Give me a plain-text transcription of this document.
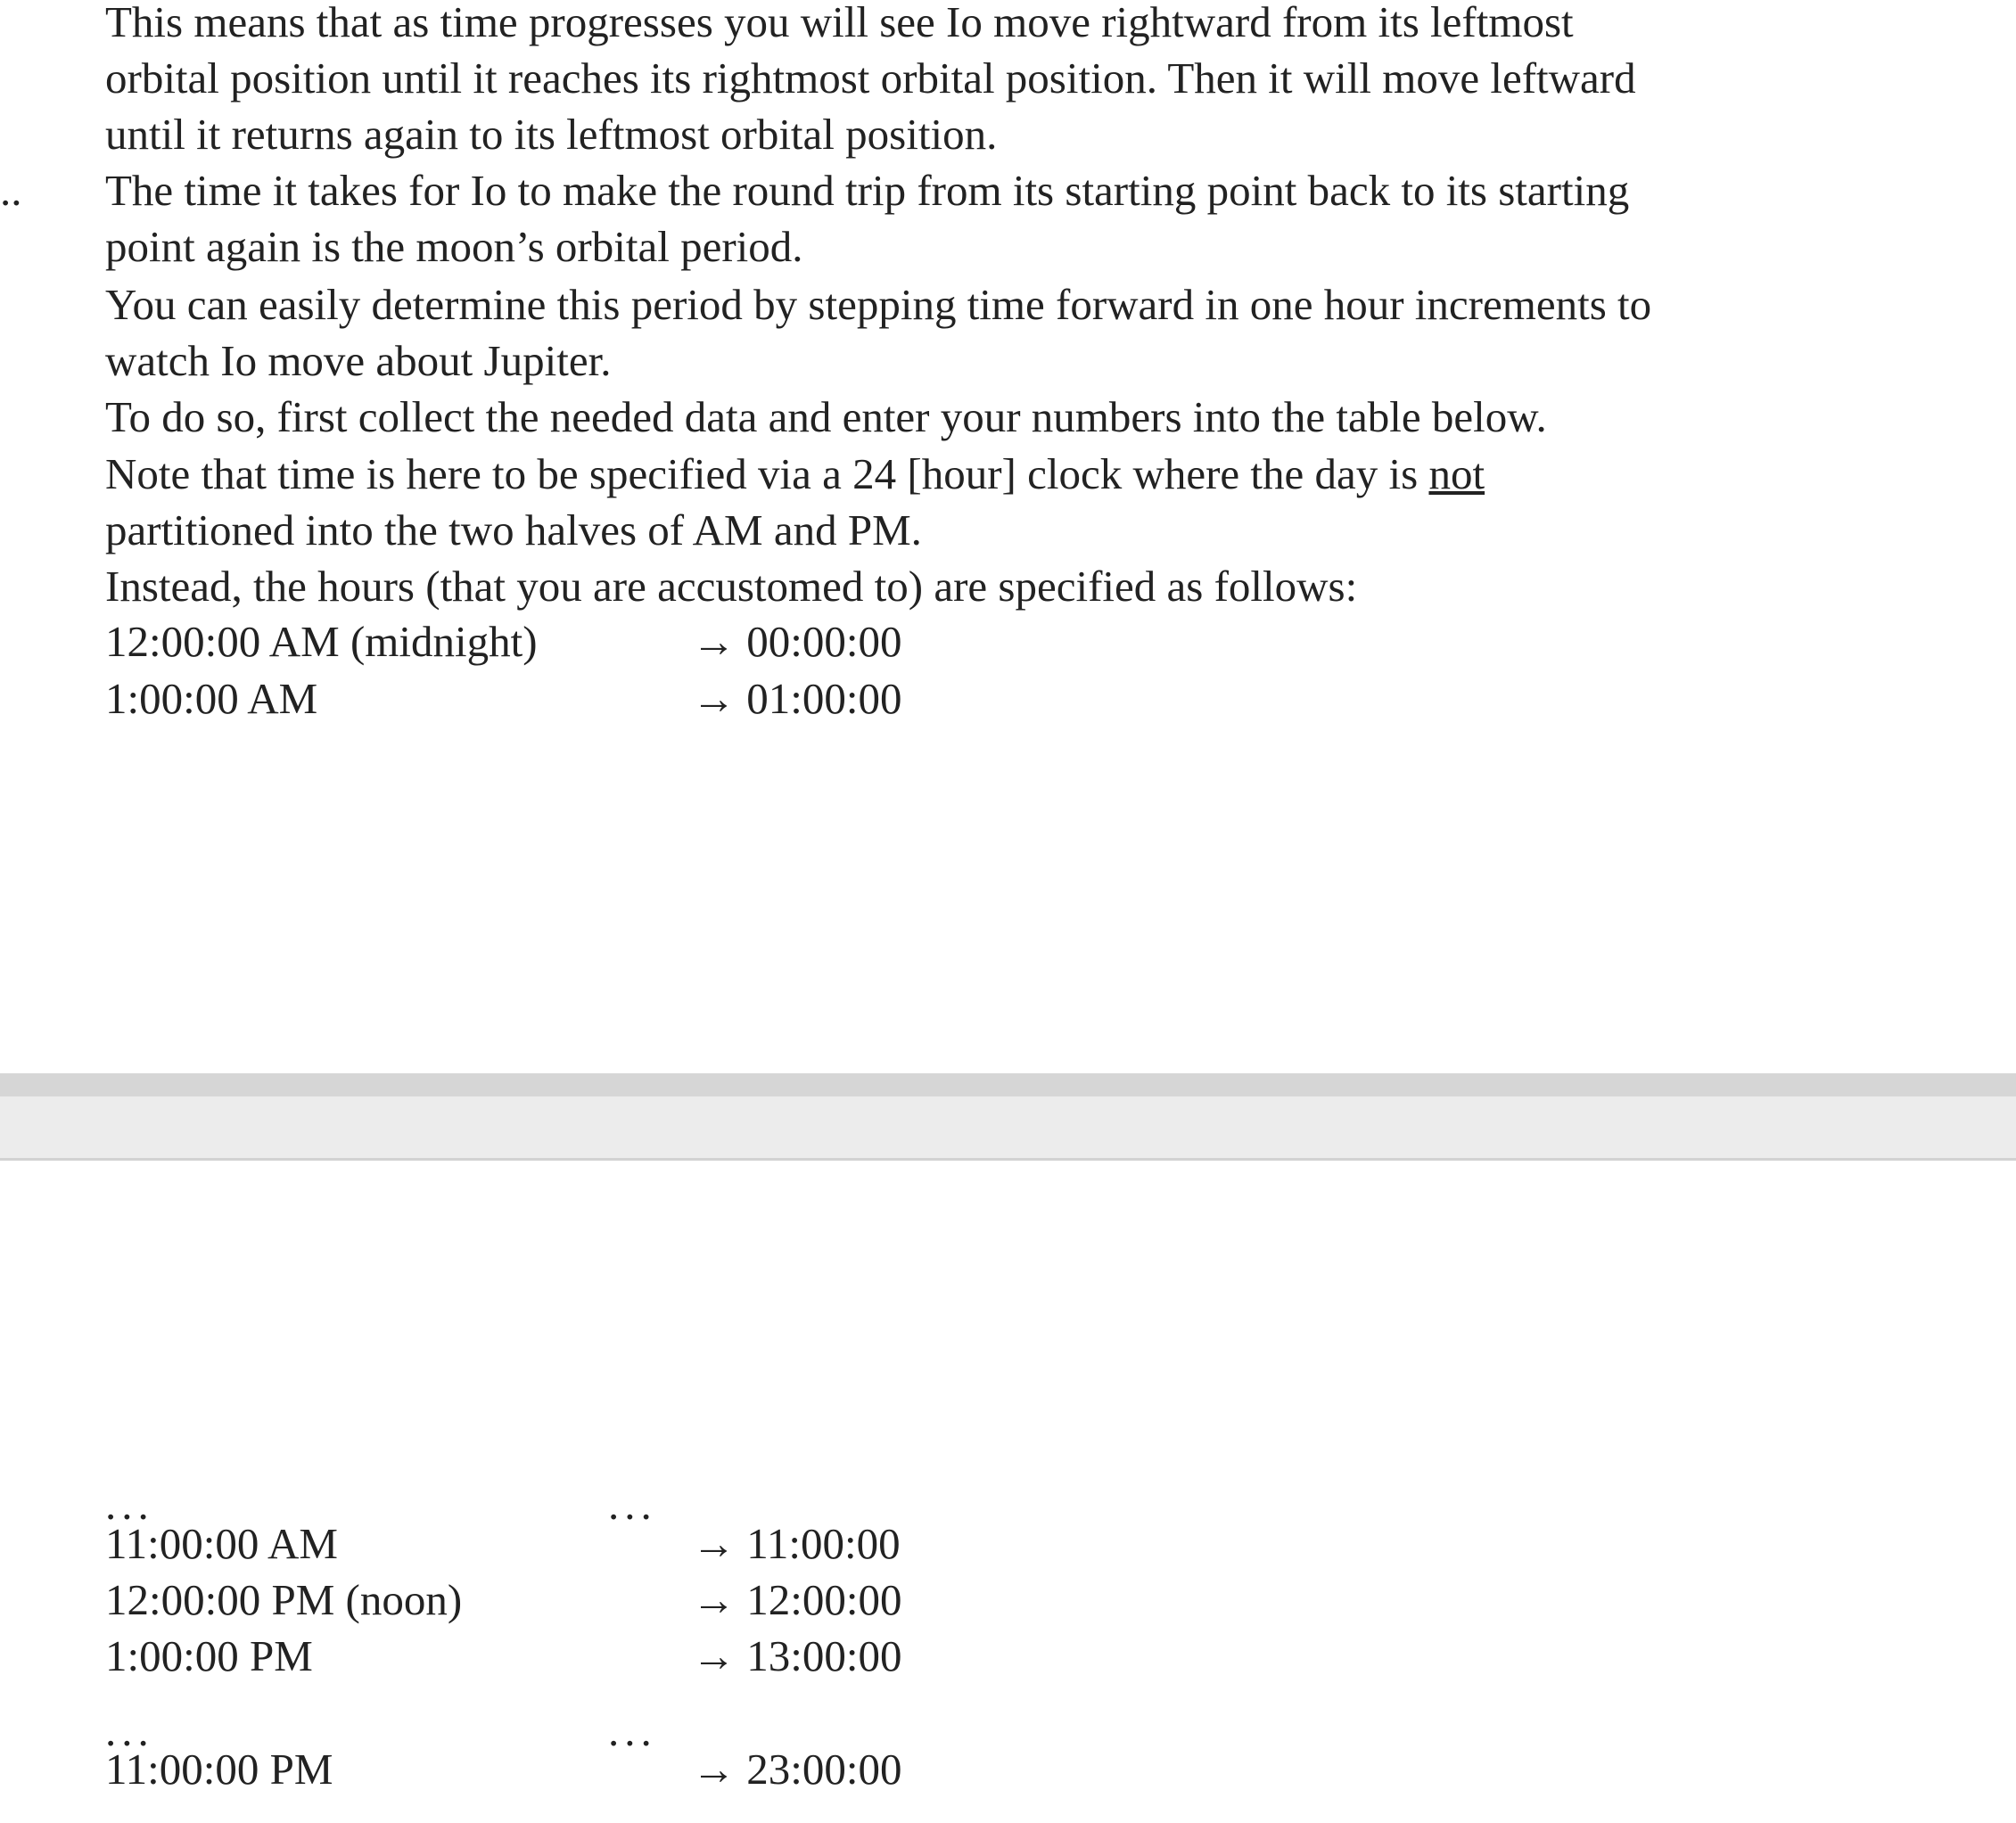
This means that as time progresses you will see Io move rightward from its leftmost
orbital position until it reaches its rightmost orbital position. Then it will move leftward
until it returns again to its leftmost orbital position.
.. The time it takes for Io to make the round trip from its starting point back to its starting
point again is the moon’s orbital period.
You can easily determine this period by stepping time forward in one hour increments to
watch Io move about Jupiter.
To do so, first collect the needed data and enter your numbers into the table below.
Note that time is here to be specified via a 24 [hour] clock where the day is not
partitioned into the two halves of AM and PM.
Instead, the hours (that you are accustomed to) are specified as follows:
12:00:00 AM (midnight)	→ 00:00:00
1:00:00 AM	→ 01:00:00
...	...
11:00:00 AM	→ 11:00:00
12:00:00 PM (noon)	→ 12:00:00
1:00:00 PM	→ 13:00:00
...	...
11:00:00 PM	→ 23:00:00
